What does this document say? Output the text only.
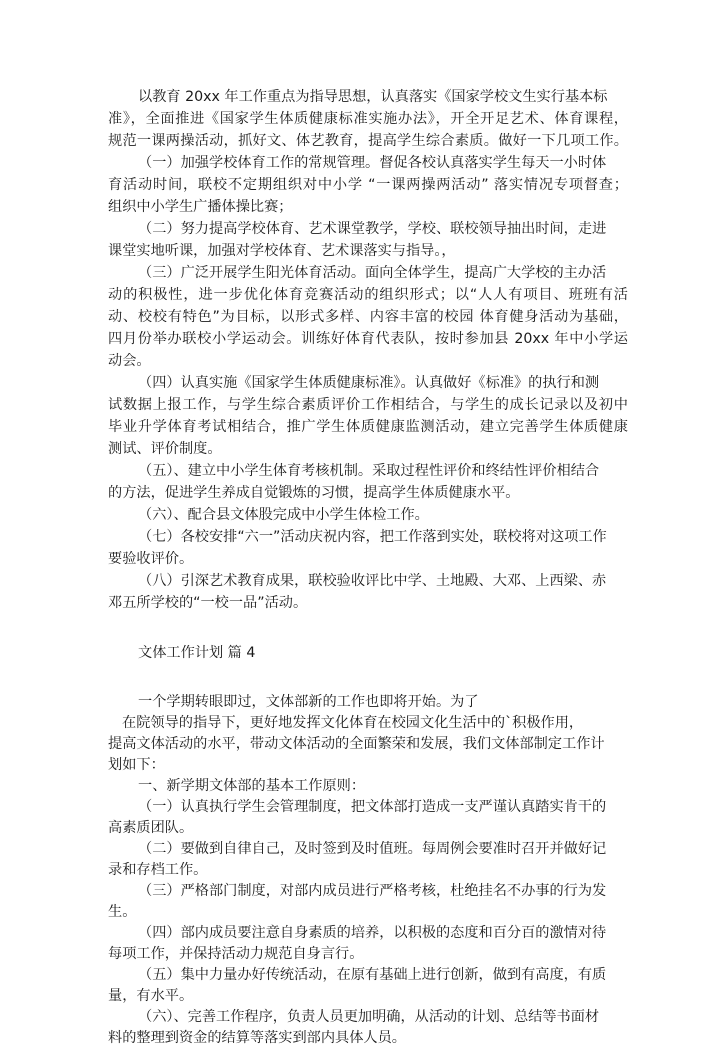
以教育 20xx 年工作重点为指导思想，认真落实《国家学校文生实行基本标
准》，全面推进《国家学生体质健康标准实施办法》，开全开足艺术、体育课程，
规范一课两操活动，抓好文、体艺教育，提高学生综合素质。做好一下几项工作。
（一）加强学校体育工作的常规管理。督促各校认真落实学生每天一小时体
育活动时间，联校不定期组织对中小学 “一课两操两活动” 落实情况专项督查；
组织中小学生广播体操比赛；
（二）努力提高学校体育、艺术课堂教学，学校、联校领导抽出时间，走进
课堂实地听课，加强对学校体育、艺术课落实与指导。，
（三）广泛开展学生阳光体育活动。面向全体学生，提高广大学校的主办活
动的积极性，进一步优化体育竞赛活动的组织形式；以“人人有项目、班班有活
动、校校有特色”为目标，以形式多样、内容丰富的校园 体育健身活动为基础，
四月份举办联校小学运动会。训练好体育代表队，按时参加县 20xx 年中小学运
动会。
（四）认真实施《国家学生体质健康标准》。认真做好《标准》的执行和测
试数据上报工作，与学生综合素质评价工作相结合，与学生的成长记录以及初中
毕业升学体育考试相结合，推广学生体质健康监测活动，建立完善学生体质健康
测试、评价制度。
（五）、建立中小学生体育考核机制。采取过程性评价和终结性评价相结合
的方法，促进学生养成自觉锻炼的习惯，提高学生体质健康水平。
（六）、配合县文体股完成中小学生体检工作。
（七）各校安排“六一”活动庆祝内容，把工作落到实处，联校将对这项工作
要验收评价。
（八）引深艺术教育成果，联校验收评比中学、土地殿、大邓、上西梁、赤
邓五所学校的“一校一品”活动。
文体工作计划 篇 4
一个学期转眼即过，文体部新的工作也即将开始。为了
在院领导的指导下，更好地发挥文化体育在校园文化生活中的`积极作用，
提高文体活动的水平，带动文体活动的全面繁荣和发展，我们文体部制定工作计
划如下：
一、新学期文体部的基本工作原则：
（一）认真执行学生会管理制度，把文体部打造成一支严谨认真踏实肯干的
高素质团队。
（二）要做到自律自己，及时签到及时值班。每周例会要准时召开并做好记
录和存档工作。
（三）严格部门制度，对部内成员进行严格考核，杜绝挂名不办事的行为发
生。
（四）部内成员要注意自身素质的培养，以积极的态度和百分百的激情对待
每项工作，并保持活动力规范自身言行。
（五）集中力量办好传统活动，在原有基础上进行创新，做到有高度，有质
量，有水平。
（六）、完善工作程序，负责人员更加明确，从活动的计划、总结等书面材
料的整理到资金的结算等落实到部内具体人员。
